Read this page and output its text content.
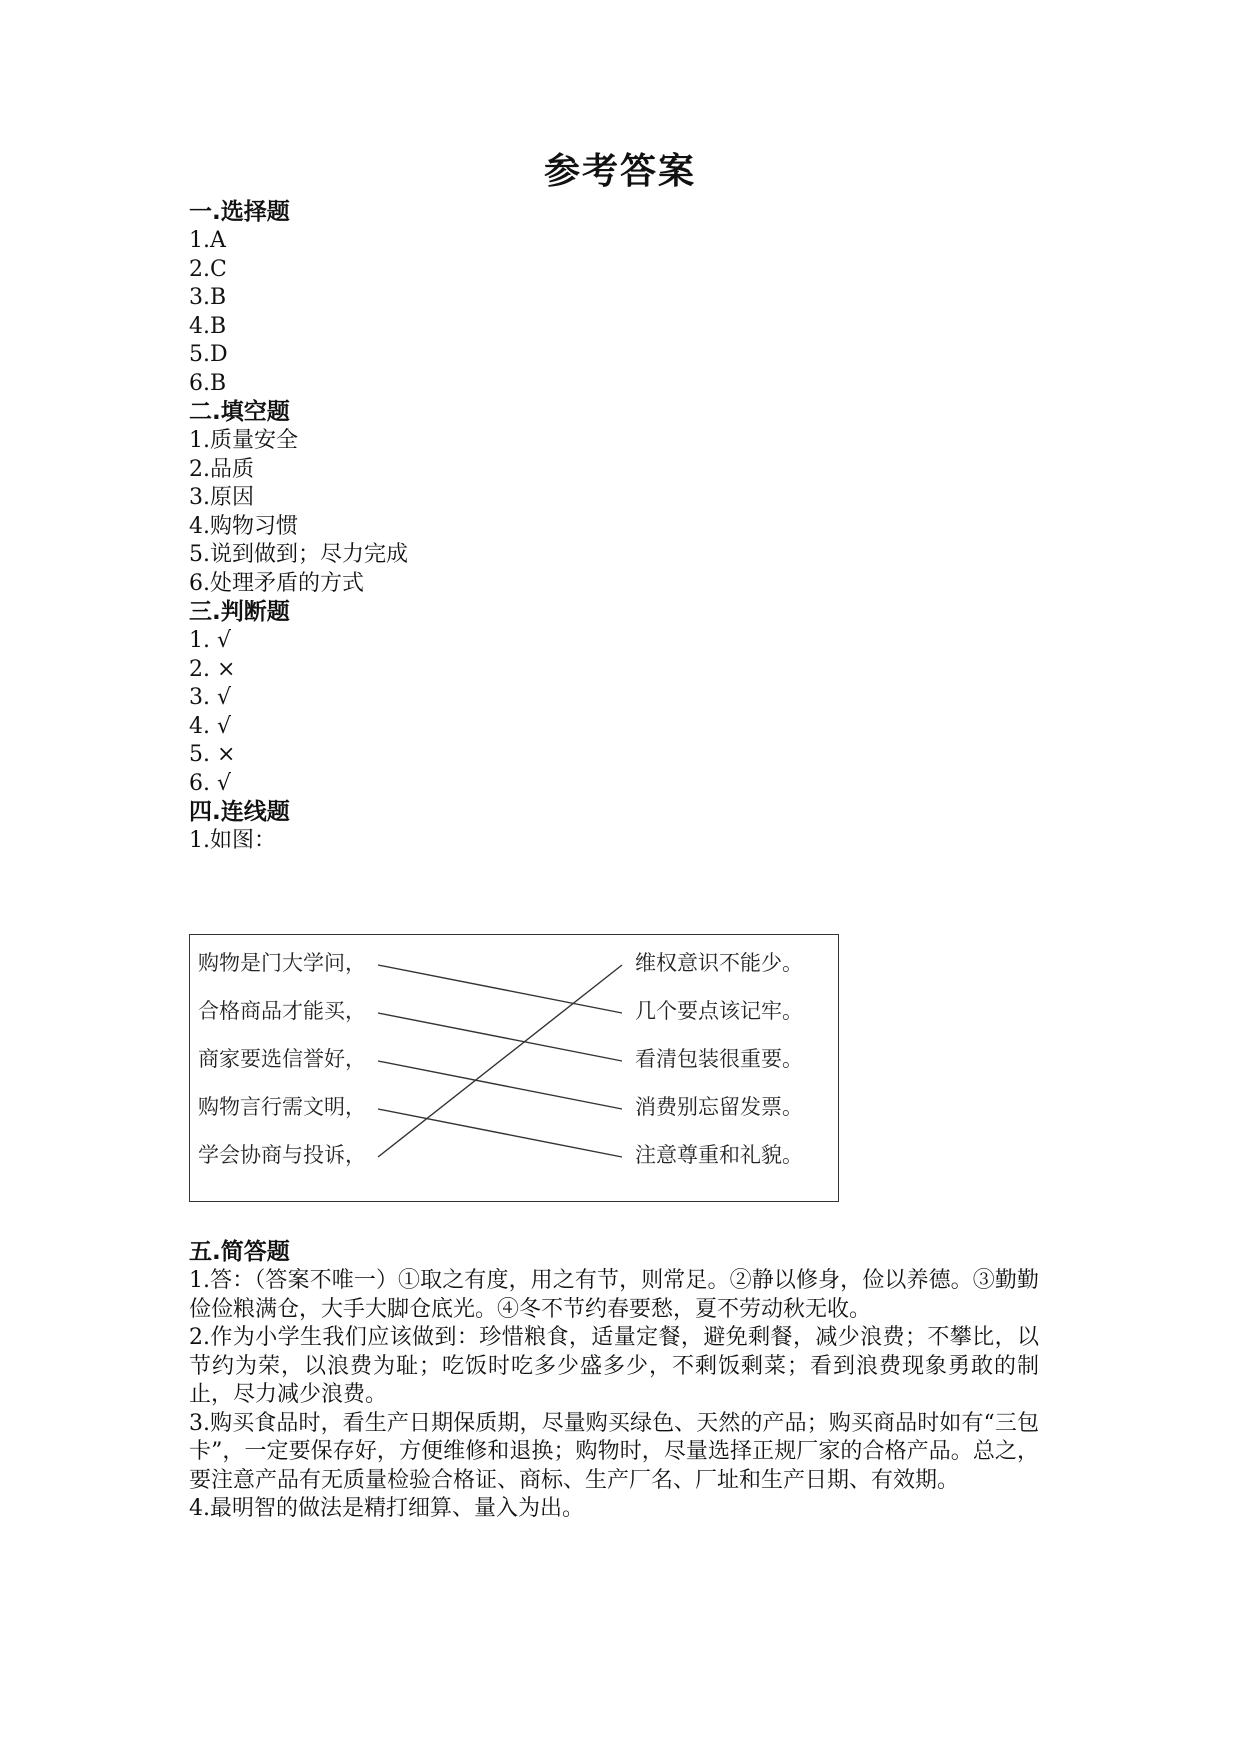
参考答案
一.选择题
1.A
2.C
3.B
4.B
5.D
6.B
二.填空题
1.质量安全
2.品质
3.原因
4.购物习惯
5.说到做到；尽力完成
6.处理矛盾的方式
三.判断题
1. √
2. ×
3. √
4. √
5. ×
6. √
四.连线题
1.如图：
购物是门大学问，
合格商品才能买，
商家要选信誉好，
购物言行需文明，
学会协商与投诉，
维权意识不能少。
几个要点该记牢。
看清包装很重要。
消费别忘留发票。
注意尊重和礼貌。
五.简答题
1.答：（答案不唯一）①取之有度，用之有节，则常足。②静以修身，俭以养德。③勤勤俭俭粮满仓，大手大脚仓底光。④冬不节约春要愁，夏不劳动秋无收。
2.作为小学生我们应该做到：珍惜粮食，适量定餐，避免剩餐，减少浪费；不攀比，以节约为荣，以浪费为耻；吃饭时吃多少盛多少，不剩饭剩菜；看到浪费现象勇敢的制止，尽力减少浪费。
3.购买食品时，看生产日期保质期，尽量购买绿色、天然的产品；购买商品时如有“三包卡”，一定要保存好，方便维修和退换；购物时，尽量选择正规厂家的合格产品。总之，要注意产品有无质量检验合格证、商标、生产厂名、厂址和生产日期、有效期。
4.最明智的做法是精打细算、量入为出。
